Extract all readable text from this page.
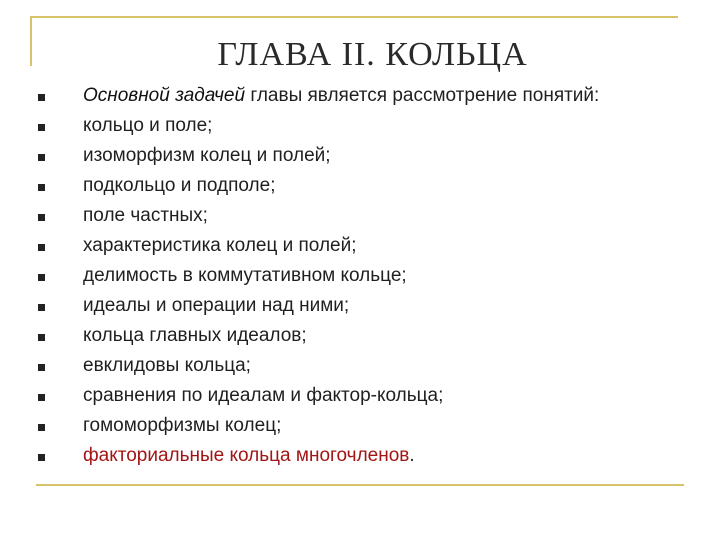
ГЛАВА II. КОЛЬЦА
Основной задачей главы является рассмотрение понятий:
кольцо и поле;
изоморфизм колец и полей;
подкольцо и подполе;
поле частных;
характеристика колец и полей;
делимость в коммутативном кольце;
идеалы и операции над ними;
кольца главных идеалов;
евклидовы кольца;
сравнения по идеалам и фактор-кольца;
гомоморфизмы колец;
факториальные кольца многочленов.
